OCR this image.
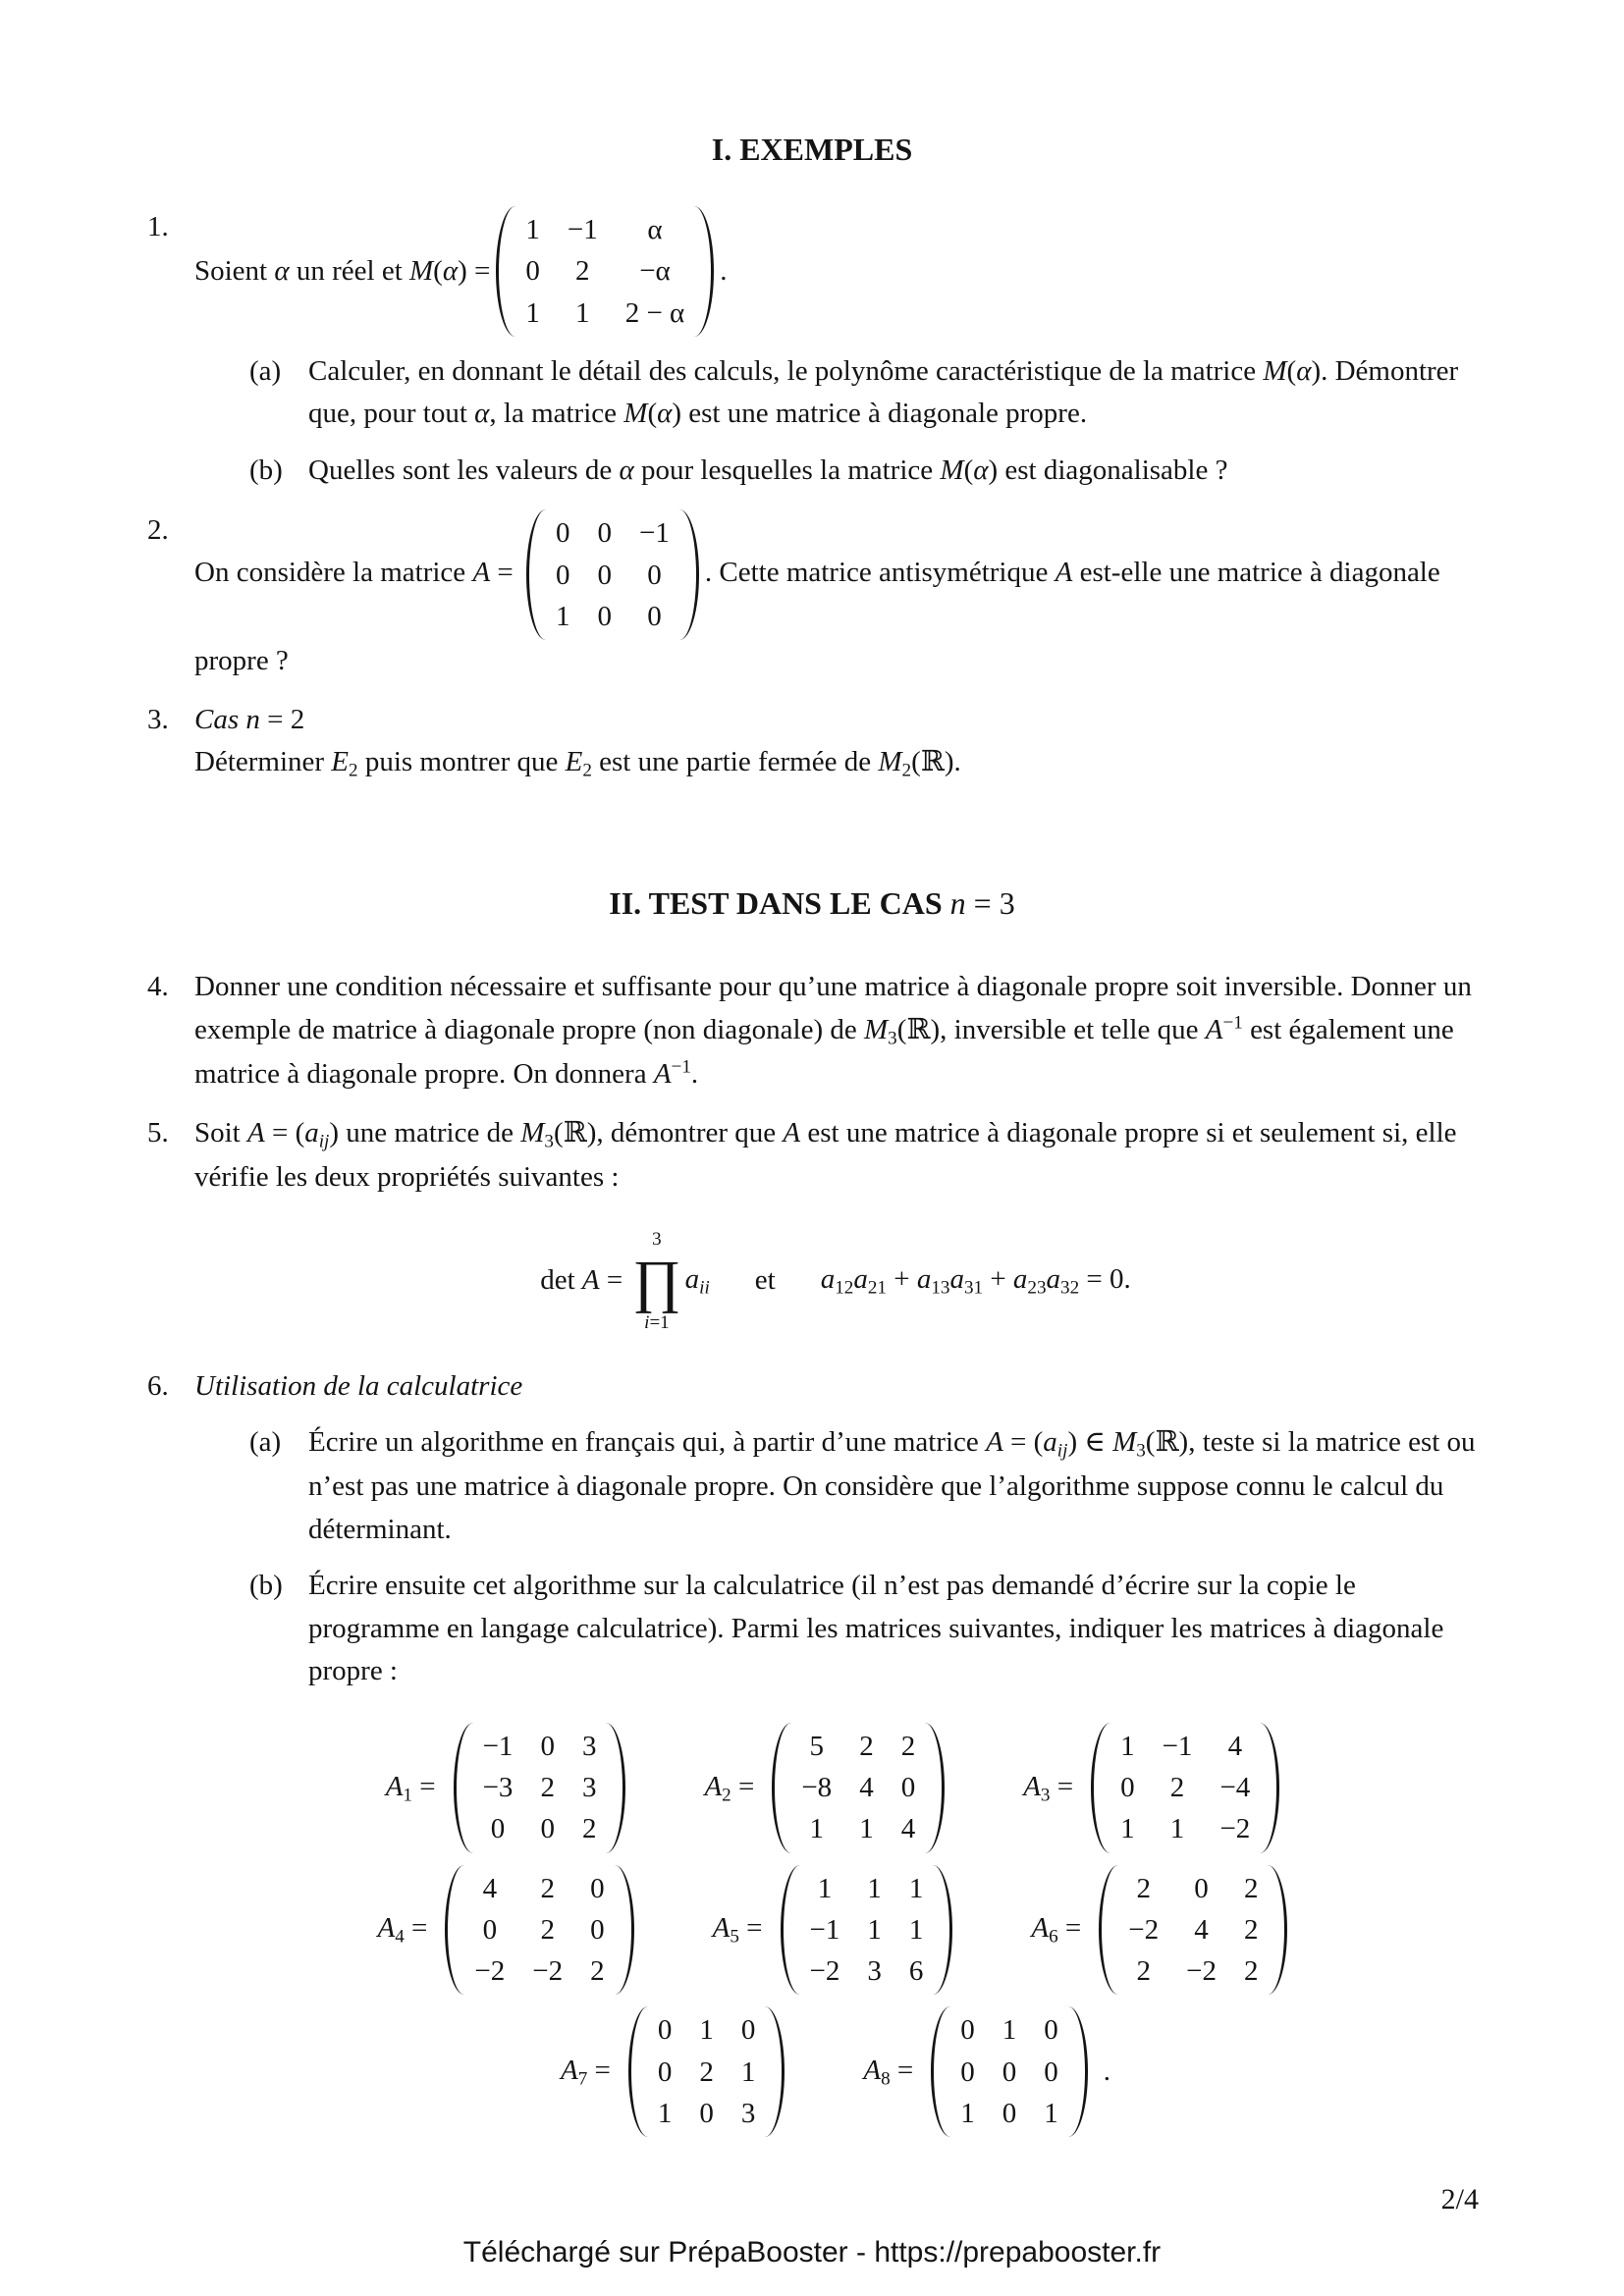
I. EXEMPLES
1.
Soient α un réel et M(α) =
1 −1 α
0 2 −α
1 1 2 − α
.
(a) Calculer, en donnant le détail des calculs, le polynôme caractéristique de la matrice M(α). Démontrer que, pour tout α, la matrice M(α) est une matrice à diagonale propre.
(b) Quelles sont les valeurs de α pour lesquelles la matrice M(α) est diagonalisable ?
2.
On considère la matrice A =
0 0 −1
0 0 0
1 0 0
. Cette matrice antisymétrique A est-elle une matrice à diagonale propre ?
3. Cas n = 2
Déterminer $E_2$ puis montrer que $E_2$ est une partie fermée de $M_2(ℝ)$.
II. TEST DANS LE CAS n = 3
4. Donner une condition nécessaire et suffisante pour qu’une matrice à diagonale propre soit inversible. Donner un exemple de matrice à diagonale propre (non diagonale) de $M_3(ℝ)$, inversible et telle que $A^{-1}$ est également une matrice à diagonale propre. On donnera $A^{-1}$.
5. Soit A = (aij) une matrice de $M_3(ℝ)$, démontrer que A est une matrice à diagonale propre si et seulement si, elle vérifie les deux propriétés suivantes :
det A =
3
∏
i=1
aii et $a_{12}a_{21} + a_{13}a_{31} + a_{23}a_{32} = 0$.
6. Utilisation de la calculatrice
(a) Écrire un algorithme en français qui, à partir d’une matrice A = (aij) ∈ $M_3(ℝ)$, teste si la matrice est ou n’est pas une matrice à diagonale propre. On considère que l’algorithme suppose connu le calcul du déterminant.
(b) Écrire ensuite cet algorithme sur la calculatrice (il n’est pas demandé d’écrire sur la copie le programme en langage calculatrice). Parmi les matrices suivantes, indiquer les matrices à diagonale propre :
$A_1$ =
−1 0 3
−3 2 3
0 0 2
$A_2$ =
5 2 2
−8 4 0
1 1 4
$A_3$ =
1 −1 4
0 2 −4
1 1 −2
$A_4$ =
4 2 0
0 2 0
−2 −2 2
$A_5$ =
1 1 1
−1 1 1
−2 3 6
$A_6$ =
2 0 2
−2 4 2
2 −2 2
$A_7$ =
0 1 0
0 2 1
1 0 3
$A_8$ =
0 1 0
0 0 0
1 0 1
.
2/4
Téléchargé sur PrépaBooster - https://prepabooster.fr
